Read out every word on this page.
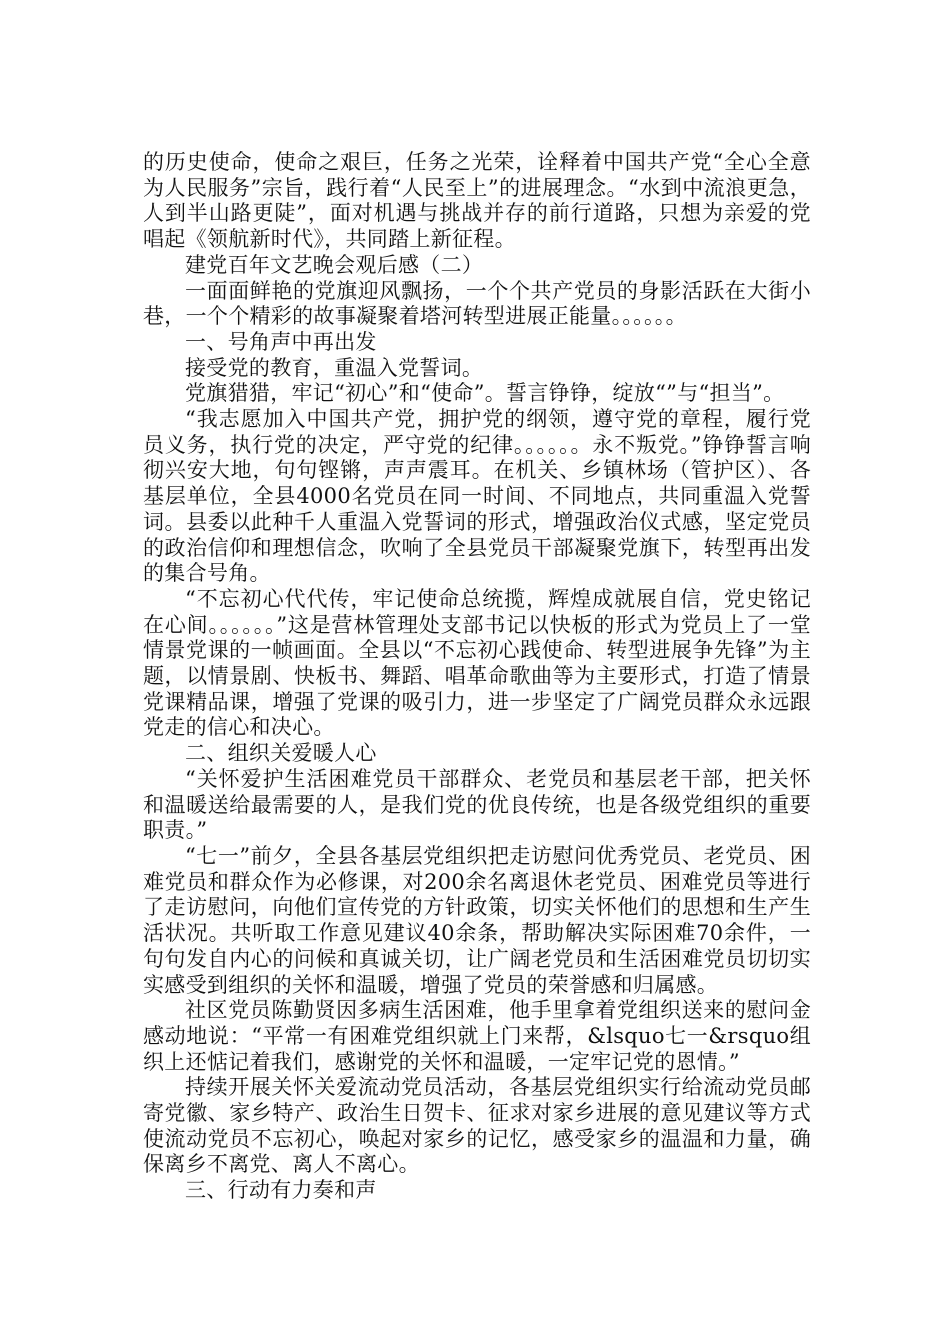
的历史使命，使命之艰巨，任务之光荣，诠释着中国共产党“全心全意为人民服务”宗旨，践行着“人民至上”的进展理念。“水到中流浪更急，人到半山路更陡”，面对机遇与挑战并存的前行道路，只想为亲爱的党唱起《领航新时代》，共同踏上新征程。

建党百年文艺晚会观后感（二）

一面面鲜艳的党旗迎风飘扬，一个个共产党员的身影活跃在大街小巷，一个个精彩的故事凝聚着塔河转型进展正能量。。。。。。

一、号角声中再出发

接受党的教育，重温入党誓词。

党旗猎猎，牢记“初心”和“使命”。誓言铮铮，绽放“”与“担当”。

“我志愿加入中国共产党，拥护党的纲领，遵守党的章程，履行党员义务，执行党的决定，严守党的纪律。。。。。。永不叛党。”铮铮誓言响彻兴安大地，句句铿锵，声声震耳。在机关、乡镇林场（管护区）、各基层单位，全县4000名党员在同一时间、不同地点，共同重温入党誓词。县委以此种千人重温入党誓词的形式，增强政治仪式感，坚定党员的政治信仰和理想信念，吹响了全县党员干部凝聚党旗下，转型再出发的集合号角。

“不忘初心代代传，牢记使命总统揽，辉煌成就展自信，党史铭记在心间。。。。。。”这是营林管理处支部书记以快板的形式为党员上了一堂情景党课的一帧画面。全县以“不忘初心践使命、转型进展争先锋”为主题，以情景剧、快板书、舞蹈、唱革命歌曲等为主要形式，打造了情景党课精品课，增强了党课的吸引力，进一步坚定了广阔党员群众永远跟党走的信心和决心。

二、组织关爱暖人心

“关怀爱护生活困难党员干部群众、老党员和基层老干部，把关怀和温暖送给最需要的人，是我们党的优良传统，也是各级党组织的重要职责。”

“七一”前夕，全县各基层党组织把走访慰问优秀党员、老党员、困难党员和群众作为必修课，对200余名离退休老党员、困难党员等进行了走访慰问，向他们宣传党的方针政策，切实关怀他们的思想和生产生活状况。共听取工作意见建议40余条，帮助解决实际困难70余件，一句句发自内心的问候和真诚关切，让广阔老党员和生活困难党员切切实实感受到组织的关怀和温暖，增强了党员的荣誉感和归属感。

社区党员陈勤贤因多病生活困难，他手里拿着党组织送来的慰问金感动地说：“平常一有困难党组织就上门来帮，&lsquo七一&rsquo组织上还惦记着我们，感谢党的关怀和温暖，一定牢记党的恩情。”

持续开展关怀关爱流动党员活动，各基层党组织实行给流动党员邮寄党徽、家乡特产、政治生日贺卡、征求对家乡进展的意见建议等方式使流动党员不忘初心，唤起对家乡的记忆，感受家乡的温温和力量，确保离乡不离党、离人不离心。

三、行动有力奏和声
